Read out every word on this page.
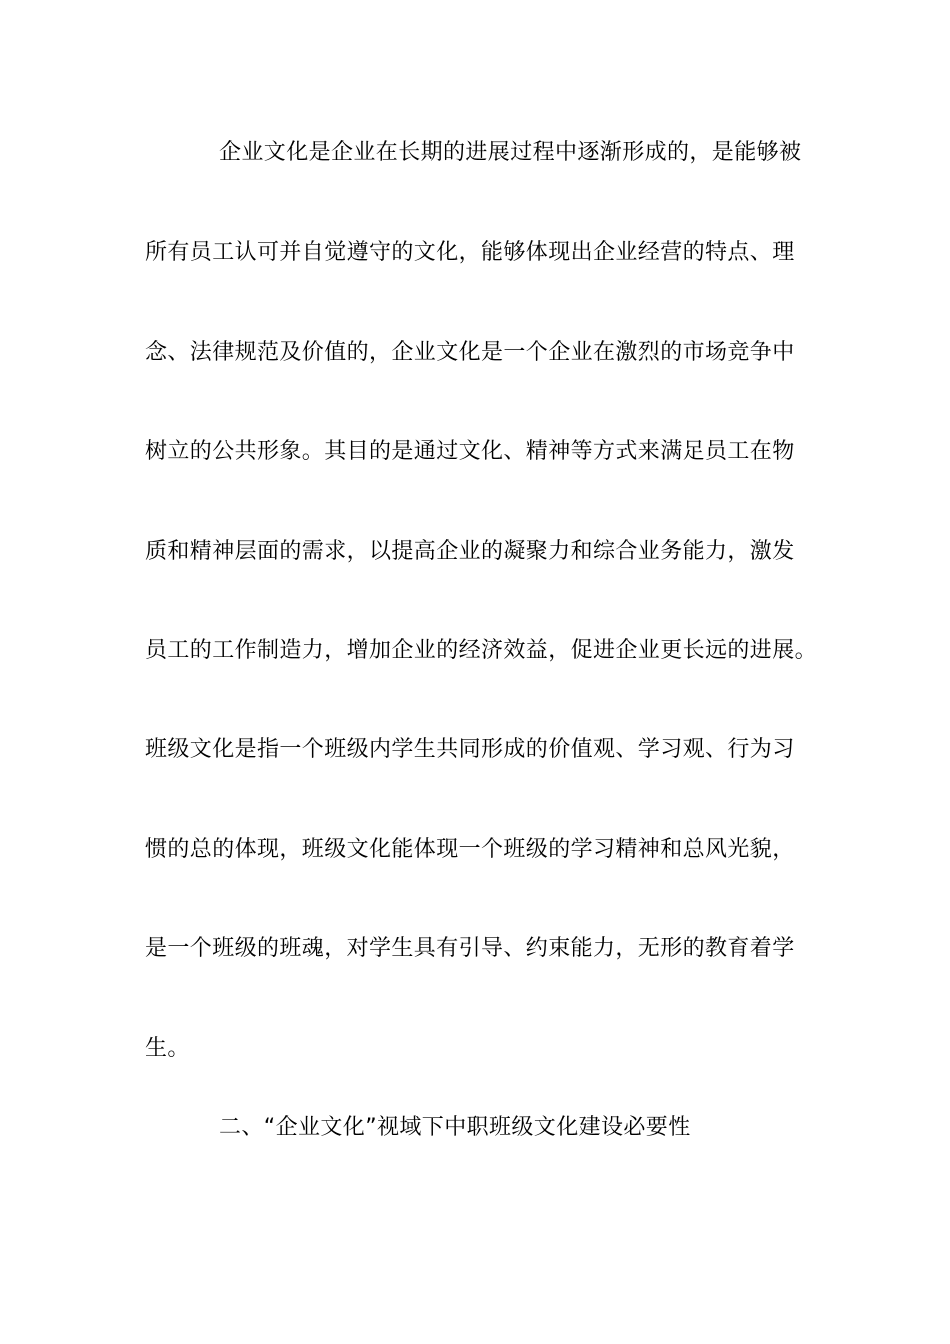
企业文化是企业在长期的进展过程中逐渐形成的，是能够被
所有员工认可并自觉遵守的文化，能够体现出企业经营的特点、理
念、法律规范及价值的，企业文化是一个企业在激烈的市场竞争中
树立的公共形象。其目的是通过文化、精神等方式来满足员工在物
质和精神层面的需求，以提高企业的凝聚力和综合业务能力，激发
员工的工作制造力，增加企业的经济效益，促进企业更长远的进展。
班级文化是指一个班级内学生共同形成的价值观、学习观、行为习
惯的总的体现，班级文化能体现一个班级的学习精神和总风光貌，
是一个班级的班魂，对学生具有引导、约束能力，无形的教育着学
生。
二、“企业文化”视域下中职班级文化建设必要性
